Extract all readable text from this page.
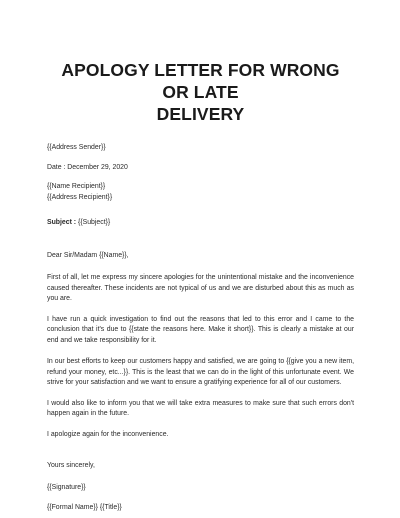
APOLOGY LETTER FOR WRONG OR LATE
DELIVERY

{{Address Sender}}

Date : December 29, 2020

{{Name Recipient}}

{{Address Recipient}}

Subject : {{Subject}}

Dear Sir/Madam {{Name}},

First of all, let me express my sincere apologies for the unintentional mistake and the inconvenience caused thereafter. These incidents are not typical of us and we are disturbed about this as much as you are.

I have run a quick investigation to find out the reasons that led to this error and I came to the conclusion that it's due to {{state the reasons here. Make it short}}. This is clearly a mistake at our end and we take responsibility for it.

In our best efforts to keep our customers happy and satisfied, we are going to {{give you a new item, refund your money, etc...}}. This is the least that we can do in the light of this unfortunate event. We strive for your satisfaction and we want to ensure a gratifying experience for all of our customers.

I would also like to inform you that we will take extra measures to make sure that such errors don't happen again in the future.

I apologize again for the inconvenience.

Yours sincerely,

{{Signature}}

{{Formal Name}} {{Title}}
